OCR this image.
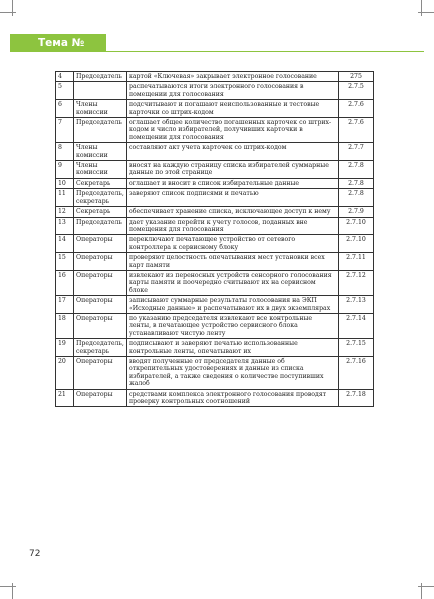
Тема № 7.1
4	Председатель	картой «Ключевая» закрывает электронное голосование	275
5		распечатываются итоги электронного голосования в помещении для голосования	2.7.5
6	Члены комиссии	подсчитывают и погашают неиспользованные и тестовые карточки со штрих-кодом	2.7.6
7	Председатель	оглашает общее количество погашенных карточек со штрих-кодом и число избирателей, получивших карточки в помещении для голосования	2.7.6
8	Члены комиссии	составляют акт учета карточек со штрих-кодом	2.7.7
9	Члены комиссии	вносят на каждую страницу списка избирателей суммарные данные по этой странице	2.7.8
10	Секретарь	оглашает и вносит в список избирательные данные	2.7.8
11	Председатель, секретарь	заверяют список подписями и печатью	2.7.8
12	Секретарь	обеспечивает хранение списка, исключающее доступ к нему	2.7.9
13	Председатель	дает указание перейти к учету голосов, поданных вне помещения для голосования	2.7.10
14	Операторы	переключают печатающее устройство от сетевого контроллера к сервисному блоку	2.7.10
15	Операторы	проверяют целостность опечатывания мест установки всех карт памяти	2.7.11
16	Операторы	извлекают из переносных устройств сенсорного голосования карты памяти и поочередно считывают их на сервисном блоке	2.7.12
17	Операторы	записывают суммарные результаты голосования на ЭКП «Исходные данные» и распечатывают их в двух экземплярах	2.7.13
18	Операторы	по указанию председателя извлекают все контрольные ленты, в печатающее устройство сервисного блока устанавливают чистую ленту	2.7.14
19	Председатель, секретарь	подписывают и заверяют печатью использованные контрольные ленты, опечатывают их	2.7.15
20	Операторы	вводят полученные от председателя данные об открепительных удостоверениях и данные из списка избирателей, а также сведения о количестве поступивших жалоб	2.7.16
21	Операторы	средствами комплекса электронного голосования проводят проверку контрольных соотношений	2.7.18
72
